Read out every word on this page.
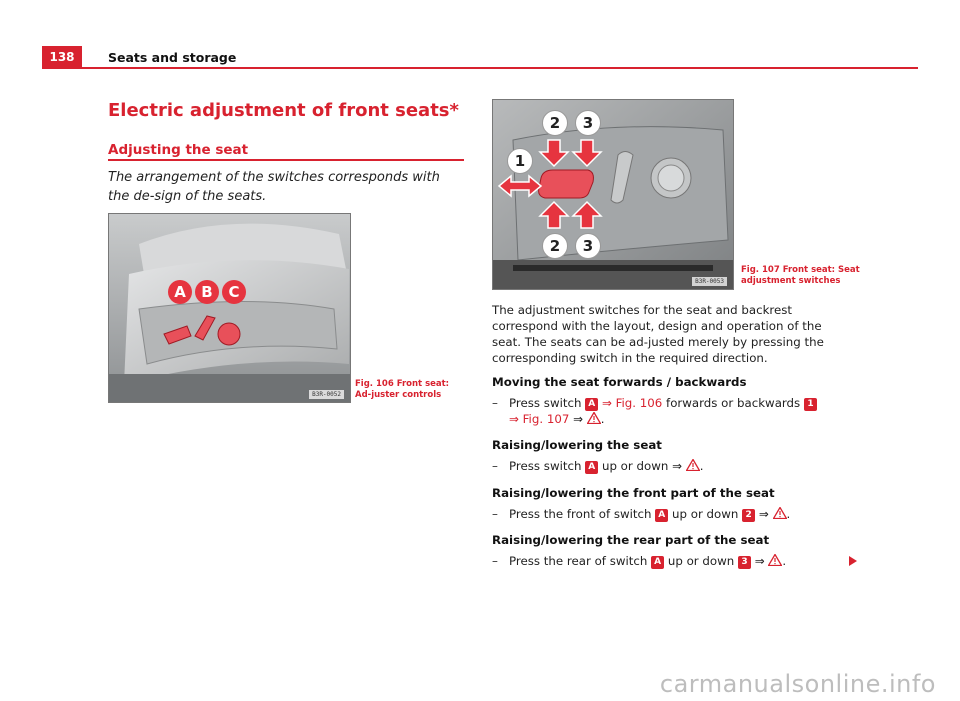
138	Seats and storage
Electric adjustment of front seats*
Adjusting the seat
The arrangement of the switches corresponds with the de-sign of the seats.
A	B	C
B3R-0052
Fig. 106 Front seat: Ad-juster controls
1
2	3
2	3
B3R-0053
Fig. 107 Front seat: Seat adjustment switches
The adjustment switches for the seat and backrest correspond with the layout, design and operation of the seat. The seats can be ad-justed merely by pressing the corresponding switch in the required direction.
Moving the seat forwards / backwards
– Press switch A ⇒ Fig. 106 forwards or backwards 1
⇒ Fig. 107 ⇒ .
Raising/lowering the seat
– Press switch A up or down ⇒ .
Raising/lowering the front part of the seat
– Press the front of switch A up or down 2 ⇒ .
Raising/lowering the rear part of the seat
– Press the rear of switch A up or down 3 ⇒ .
carmanualsonline.info
